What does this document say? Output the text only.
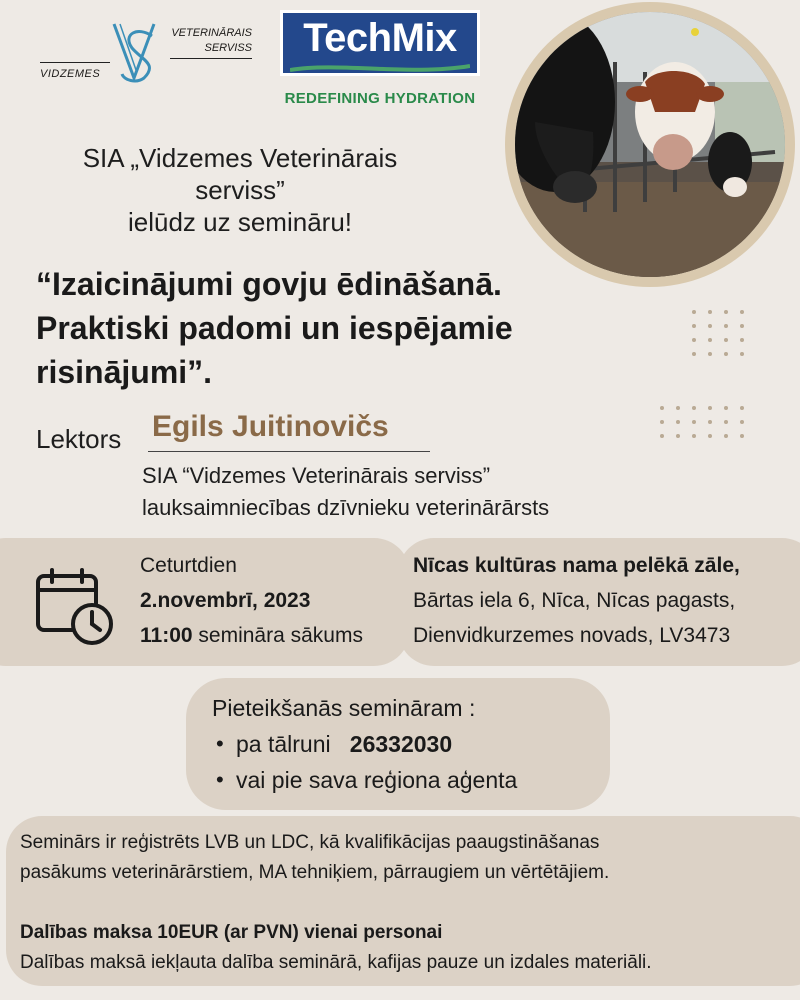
VIDZEMES
VETERINĀRAIS
SERVISS	TechMix
REDEFINING HYDRATION
SIA „Vidzemes Veterinārais
serviss”
ielūdz uz semināru!
“Izaicinājumi govju ēdināšanā.
Praktiski padomi un iespējamie
risinājumi”.
Lektors Egils Juitinovičs
SIA “Vidzemes Veterinārais serviss”
lauksaimniecības dzīvnieku veterinārārsts
Ceturtdien
2.novembrī, 2023
11:00 semināra sākums
Nīcas kultūras nama pelēkā zāle,
Bārtas iela 6, Nīca, Nīcas pagasts,
Dienvidkurzemes novads, LV3473
Pieteikšanās semināram :
• pa tālruni 26332030
• vai pie sava reģiona aģenta

Seminārs ir reģistrēts LVB un LDC, kā kvalifikācijas paaugstināšanas

pasākums veterinārārstiem, MA tehniķiem, pārraugiem un vērtētājiem.

Dalības maksa 10EUR (ar PVN) vienai personai

Dalības maksā iekļauta dalība seminārā, kafijas pauze un izdales materiāli.
